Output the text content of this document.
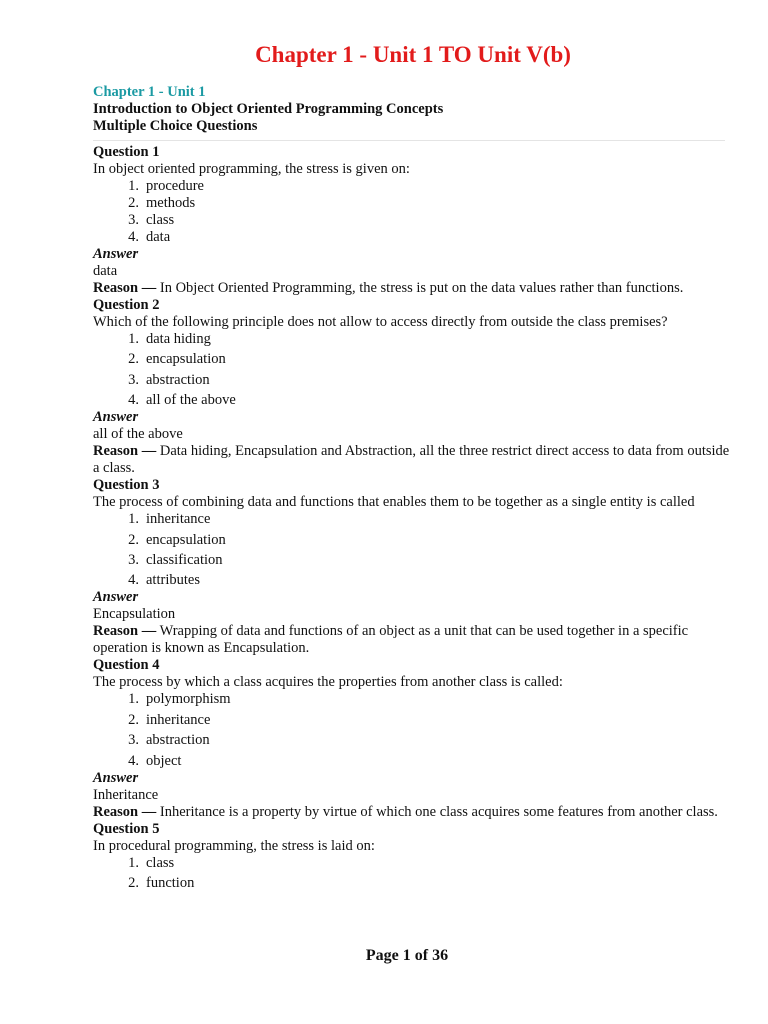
Chapter 1 - Unit 1 TO Unit V(b)
Chapter 1 - Unit 1
Introduction to Object Oriented Programming Concepts
Multiple Choice Questions
Question 1
In object oriented programming, the stress is given on:
1. procedure
2. methods
3. class
4. data
Answer
data
Reason — In Object Oriented Programming, the stress is put on the data values rather than functions.
Question 2
Which of the following principle does not allow to access directly from outside the class premises?
1. data hiding
2. encapsulation
3. abstraction
4. all of the above
Answer
all of the above
Reason — Data hiding, Encapsulation and Abstraction, all the three restrict direct access to data from outside a class.
Question 3
The process of combining data and functions that enables them to be together as a single entity is called
1. inheritance
2. encapsulation
3. classification
4. attributes
Answer
Encapsulation
Reason — Wrapping of data and functions of an object as a unit that can be used together in a specific operation is known as Encapsulation.
Question 4
The process by which a class acquires the properties from another class is called:
1. polymorphism
2. inheritance
3. abstraction
4. object
Answer
Inheritance
Reason — Inheritance is a property by virtue of which one class acquires some features from another class.
Question 5
In procedural programming, the stress is laid on:
1. class
2. function
Page 1 of 36
